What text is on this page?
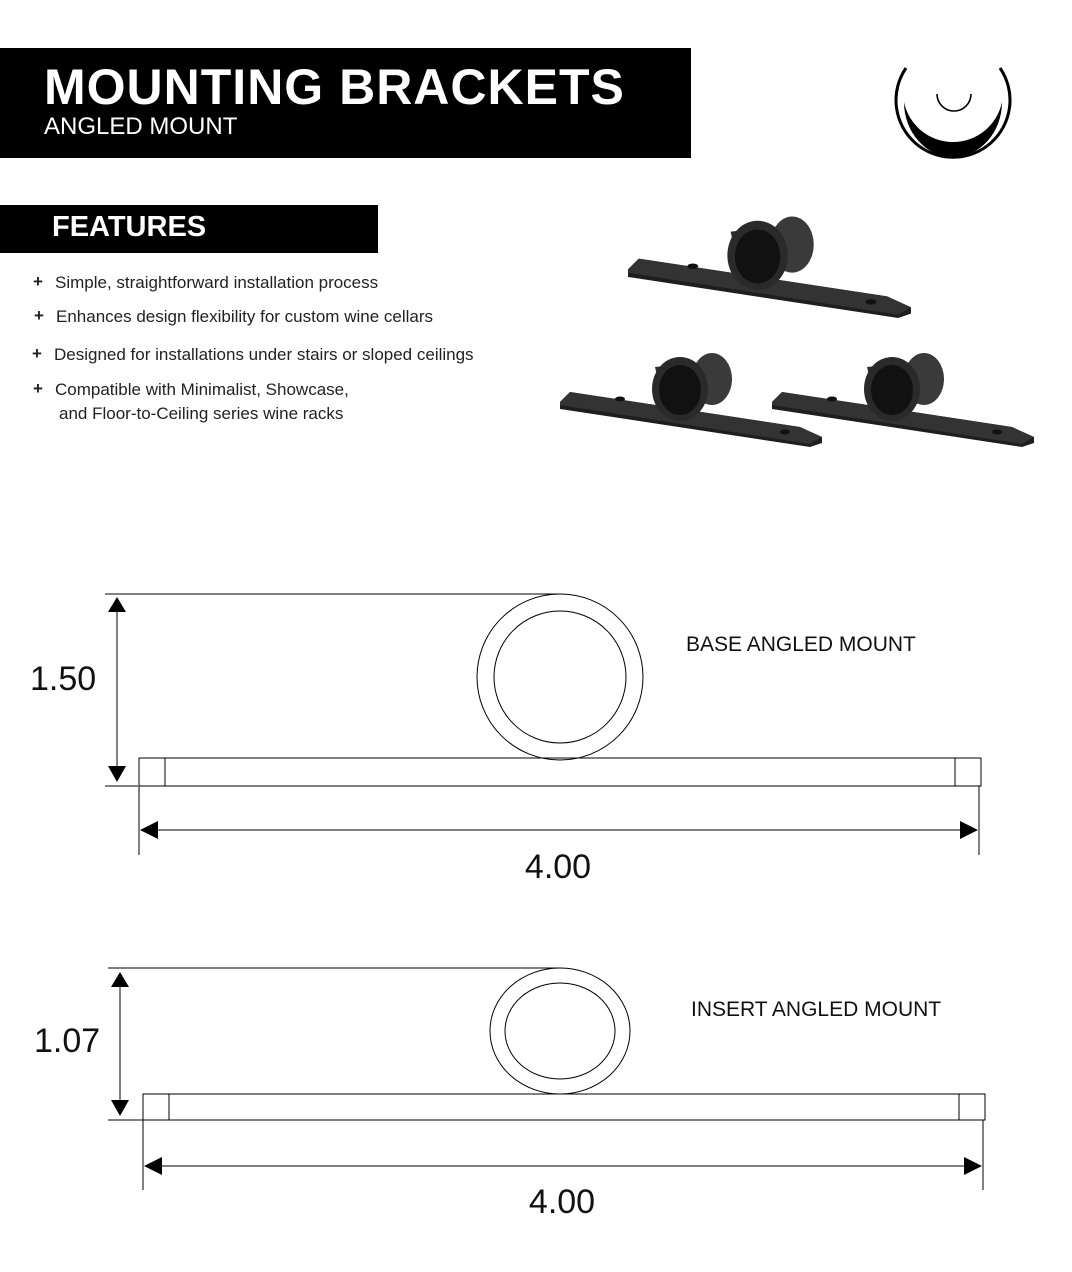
MOUNTING BRACKETS
ANGLED MOUNT
FEATURES
+ Simple, straightforward installation process
+ Enhances design flexibility for custom wine cellars
+ Designed for installations under stairs or sloped ceilings
+ Compatible with Minimalist, Showcase,
and Floor-to-Ceiling series wine racks
1.50
4.00
BASE ANGLED MOUNT
1.07
4.00
INSERT ANGLED MOUNT
